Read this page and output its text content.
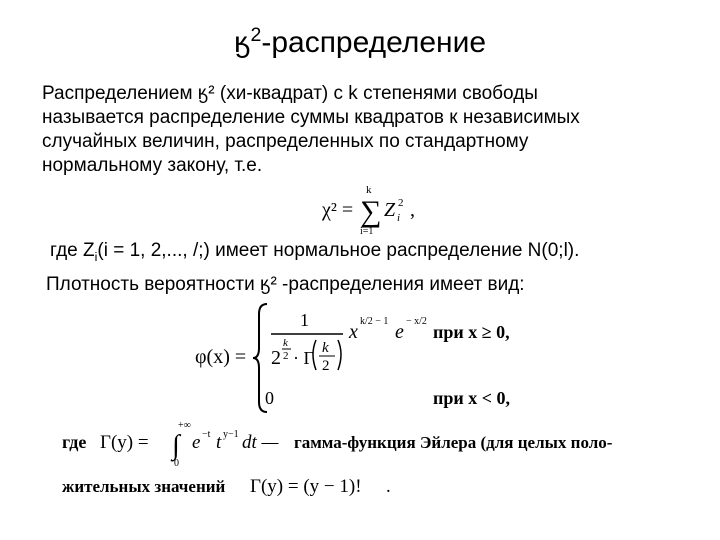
$ӄ^2$-распределение
Распределением ӄ² (хи-квадрат) с k степенями свободы
называется распределение суммы квадратов к независимых
случайных величин, распределенных по стандартному
нормальному закону, т.е.
χ² =
k
∑
i=1
Z i
2 ,
где $Z_i(i = 1$, 2,..., /;) имеет нормальное распределение N(0;l).
Плотность вероятности ӄ² -распределения имеет вид:
φ(x) =
1
2
k
2 · Γ k
2
x k/2 − 1 e − x/2
при x ≥ 0,
0	при x < 0,
где Γ(y) = ∫
+∞
0
e −t t y−1 dt — гамма-функция Эйлера (для целых поло-
жительных значений Γ(y) = (y − 1)! .
